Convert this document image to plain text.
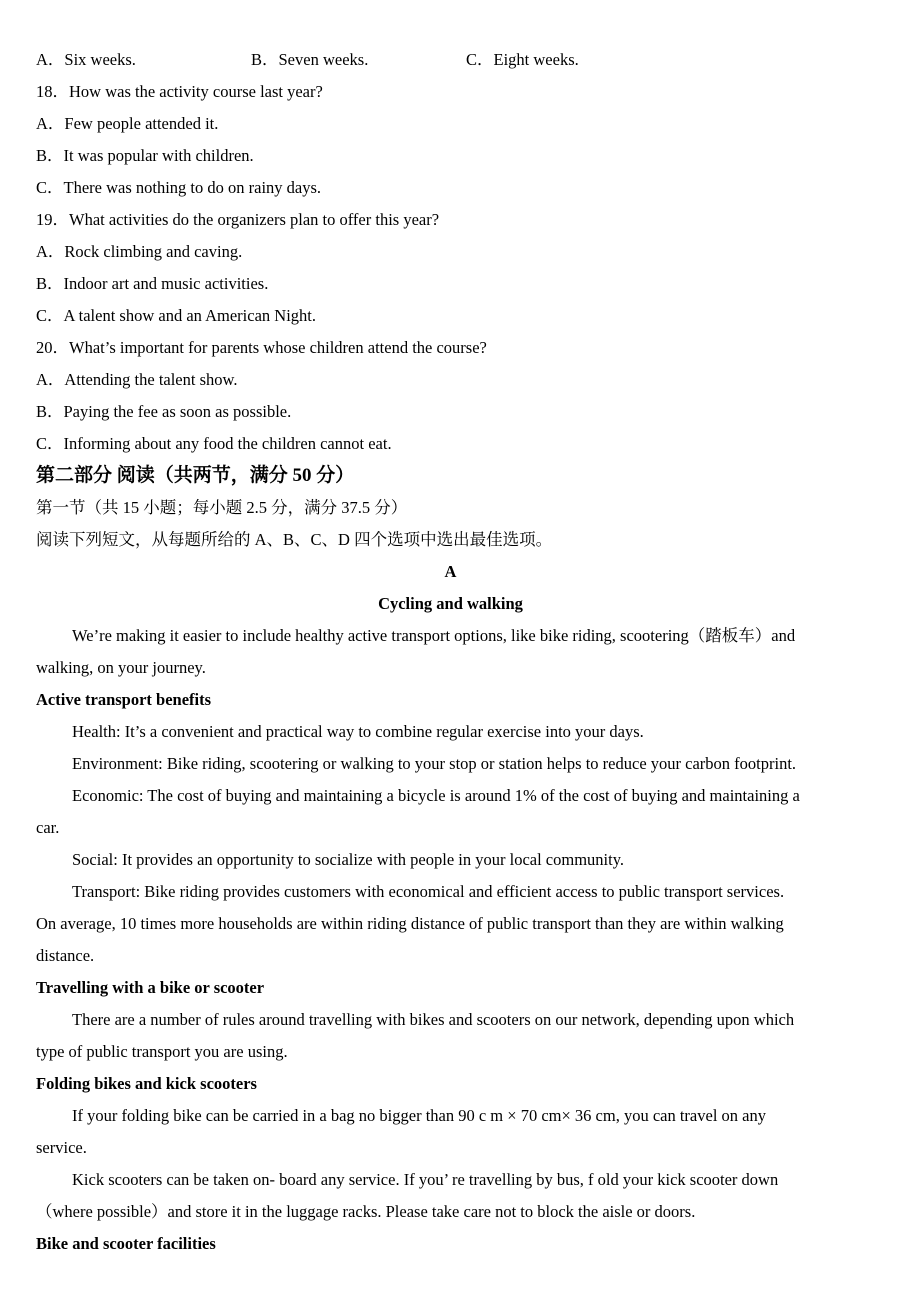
A．Six weeks.	B．Seven weeks.	C．Eight weeks.
18．How was the activity course last year?
A．Few people attended it.
B．It was popular with children.
C．There was nothing to do on rainy days.
19．What activities do the organizers plan to offer this year?
A．Rock climbing and caving.
B．Indoor art and music activities.
C．A talent show and an American Night.
20．What’s important for parents whose children attend the course?
A．Attending the talent show.
B．Paying the fee as soon as possible.
C．Informing about any food the children cannot eat.
第二部分 阅读（共两节，满分 50 分）
第一节（共 15 小题；每小题 2.5 分，满分 37.5 分）
阅读下列短文，从每题所给的 A、B、C、D 四个选项中选出最佳选项。
A
Cycling and walking
We’re making it easier to include healthy active transport options, like bike riding, scootering（踏板车）and
walking, on your journey.
Active transport benefits
Health: It’s a convenient and practical way to combine regular exercise into your days.
Environment: Bike riding, scootering or walking to your stop or station helps to reduce your carbon footprint.
Economic: The cost of buying and maintaining a bicycle is around 1% of the cost of buying and maintaining a
car.
Social: It provides an opportunity to socialize with people in your local community.
Transport: Bike riding provides customers with economical and efficient access to public transport services.
On average, 10 times more households are within riding distance of public transport than they are within walking
distance.
Travelling with a bike or scooter
There are a number of rules around travelling with bikes and scooters on our network, depending upon which
type of public transport you are using.
Folding bikes and kick scooters
If your folding bike can be carried in a bag no bigger than 90 c m × 70 cm× 36 cm, you can travel on any
service.
Kick scooters can be taken on- board any service. If you’ re travelling by bus, f old your kick scooter down
（where possible）and store it in the luggage racks. Please take care not to block the aisle or doors.
Bike and scooter facilities
